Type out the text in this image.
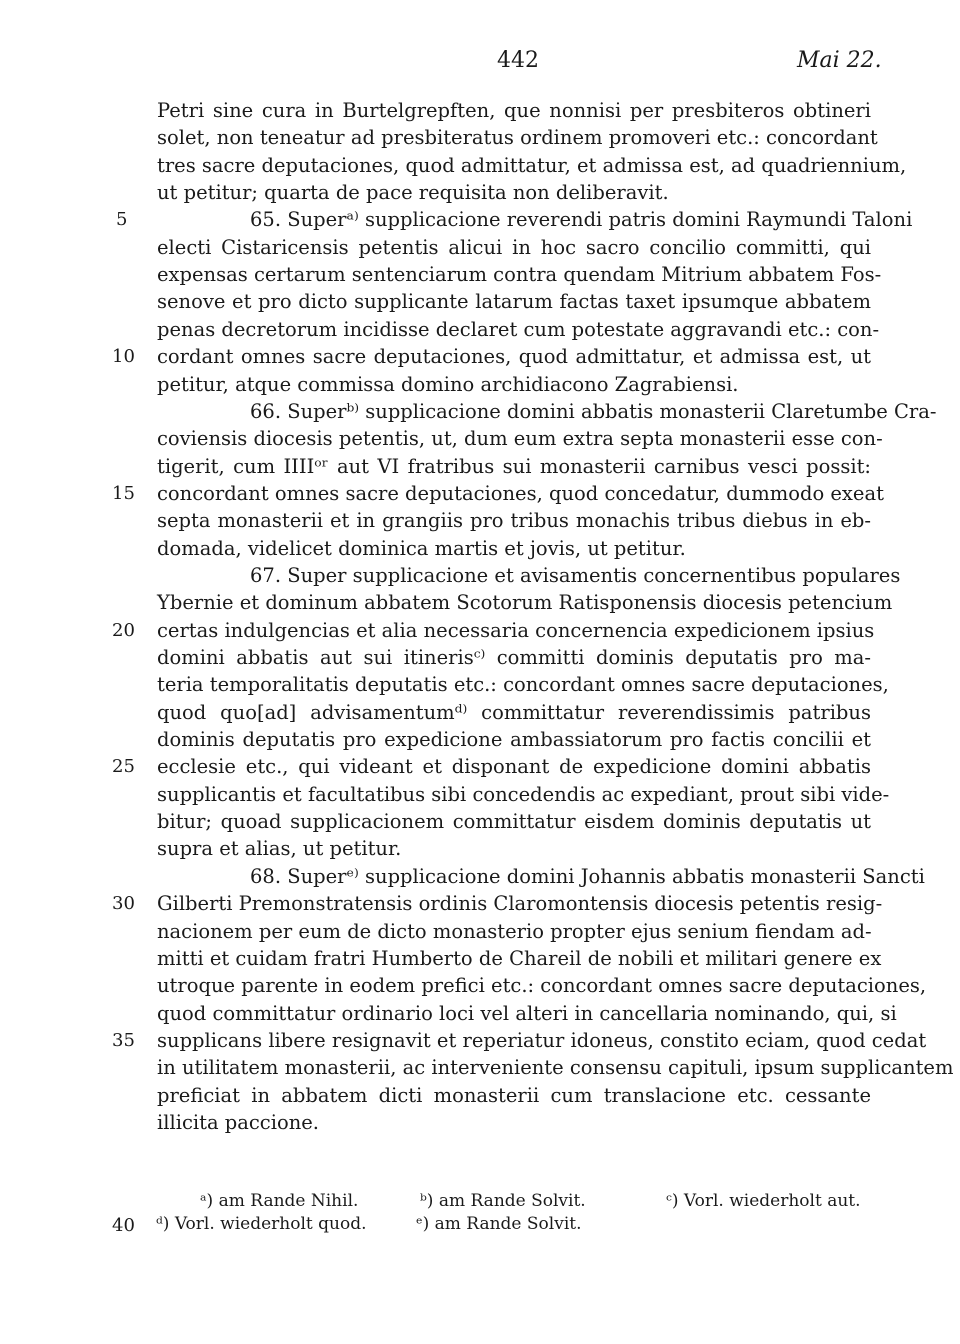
442	Mai 22.
Petri sine cura in Burtelgrepften, que nonnisi per presbiteros obtineri
solet, non teneatur ad presbiteratus ordinem promoveri etc.: concordant
tres sacre deputaciones, quod admittatur, et admissa est, ad quadriennium,
ut petitur; quarta de pace requisita non deliberavit.
65. Superᵃ⁾ supplicacione reverendi patris domini Raymundi Taloni
electi Cistaricensis petentis alicui in hoc sacro concilio committi, qui
expensas certarum sentenciarum contra quendam Mitrium abbatem Fos-
senove et pro dicto supplicante latarum factas taxet ipsumque abbatem
penas decretorum incidisse declaret cum potestate aggravandi etc.: con-
cordant omnes sacre deputaciones, quod admittatur, et admissa est, ut
petitur, atque commissa domino archidiacono Zagrabiensi.
66. Superᵇ⁾ supplicacione domini abbatis monasterii Claretumbe Cra-
coviensis diocesis petentis, ut, dum eum extra septa monasterii esse con-
tigerit, cum IIIIᵒʳ aut VI fratribus sui monasterii carnibus vesci possit:
concordant omnes sacre deputaciones, quod concedatur, dummodo exeat
septa monasterii et in grangiis pro tribus monachis tribus diebus in eb-
domada, videlicet dominica martis et jovis, ut petitur.
67. Super supplicacione et avisamentis concernentibus populares
Ybernie et dominum abbatem Scotorum Ratisponensis diocesis petencium
certas indulgencias et alia necessaria concernencia expedicionem ipsius
domini abbatis aut sui itinerisᶜ⁾ committi dominis deputatis pro ma-
teria temporalitatis deputatis etc.: concordant omnes sacre deputaciones,
quod quo[ad] advisamentumᵈ⁾ committatur reverendissimis patribus
dominis deputatis pro expedicione ambassiatorum pro factis concilii et
ecclesie etc., qui videant et disponant de expedicione domini abbatis
supplicantis et facultatibus sibi concedendis ac expediant, prout sibi vide-
bitur; quoad supplicacionem committatur eisdem dominis deputatis ut
supra et alias, ut petitur.
68. Superᵉ⁾ supplicacione domini Johannis abbatis monasterii Sancti
Gilberti Premonstratensis ordinis Claromontensis diocesis petentis resig-
nacionem per eum de dicto monasterio propter ejus senium fiendam ad-
mitti et cuidam fratri Humberto de Chareil de nobili et militari genere ex
utroque parente in eodem prefici etc.: concordant omnes sacre deputaciones,
quod committatur ordinario loci vel alteri in cancellaria nominando, qui, si
supplicans libere resignavit et reperiatur idoneus, constito eciam, quod cedat
in utilitatem monasterii, ac interveniente consensu capituli, ipsum supplicantem
preficiat in abbatem dicti monasterii cum translacione etc. cessante
illicita paccione.
5
10
15
20
25
30
35
40
ᵃ) am Rande Nihil.	ᵇ) am Rande Solvit.	ᶜ) Vorl. wiederholt aut.
ᵈ) Vorl. wiederholt quod.	ᵉ) am Rande Solvit.
